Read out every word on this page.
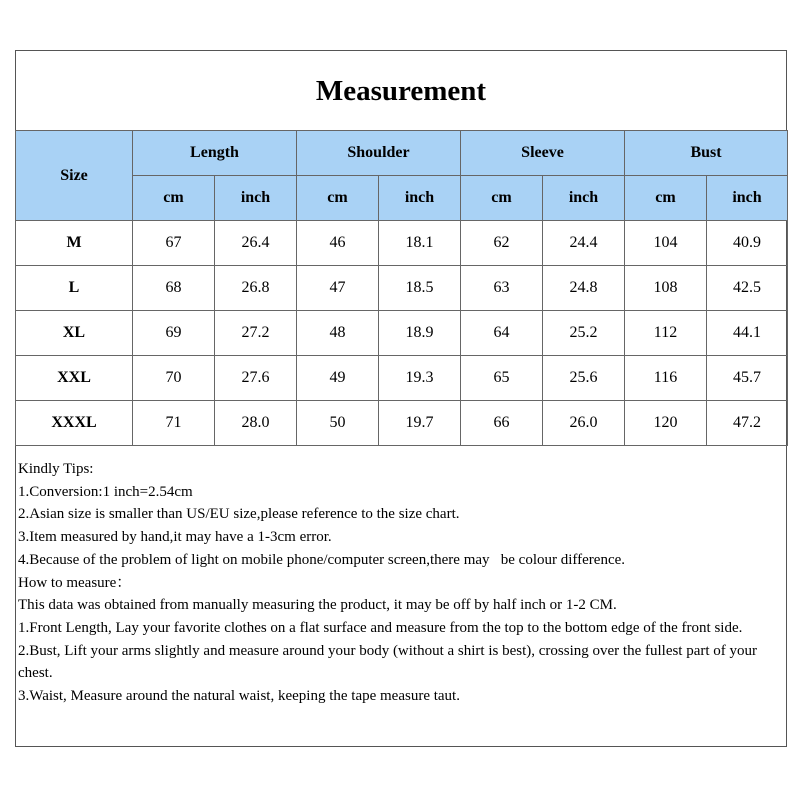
Measurement
Size	Length		Shoulder		Sleeve		Bust	
	cm	inch	cm	inch	cm	inch	cm	inch
M	67	26.4	46	18.1	62	24.4	104	40.9
L	68	26.8	47	18.5	63	24.8	108	42.5
XL	69	27.2	48	18.9	64	25.2	112	44.1
XXL	70	27.6	49	19.3	65	25.6	116	45.7
XXXL	71	28.0	50	19.7	66	26.0	120	47.2

Kindly Tips:

1.Conversion:1 inch=2.54cm

2.Asian size is smaller than US/EU size,please reference to the size chart.

3.Item measured by hand,it may have a 1-3cm error.

4.Because of the problem of light on mobile phone/computer screen,there may   be colour difference.

How to measure：

This data was obtained from manually measuring the product, it may be off by half inch or 1-2 CM.

1.Front Length, Lay your favorite clothes on a flat surface and measure from the top to the bottom edge of the front side.

2.Bust, Lift your arms slightly and measure around your body (without a shirt is best), crossing over the fullest part of your chest.

3.Waist, Measure around the natural waist, keeping the tape measure taut.
